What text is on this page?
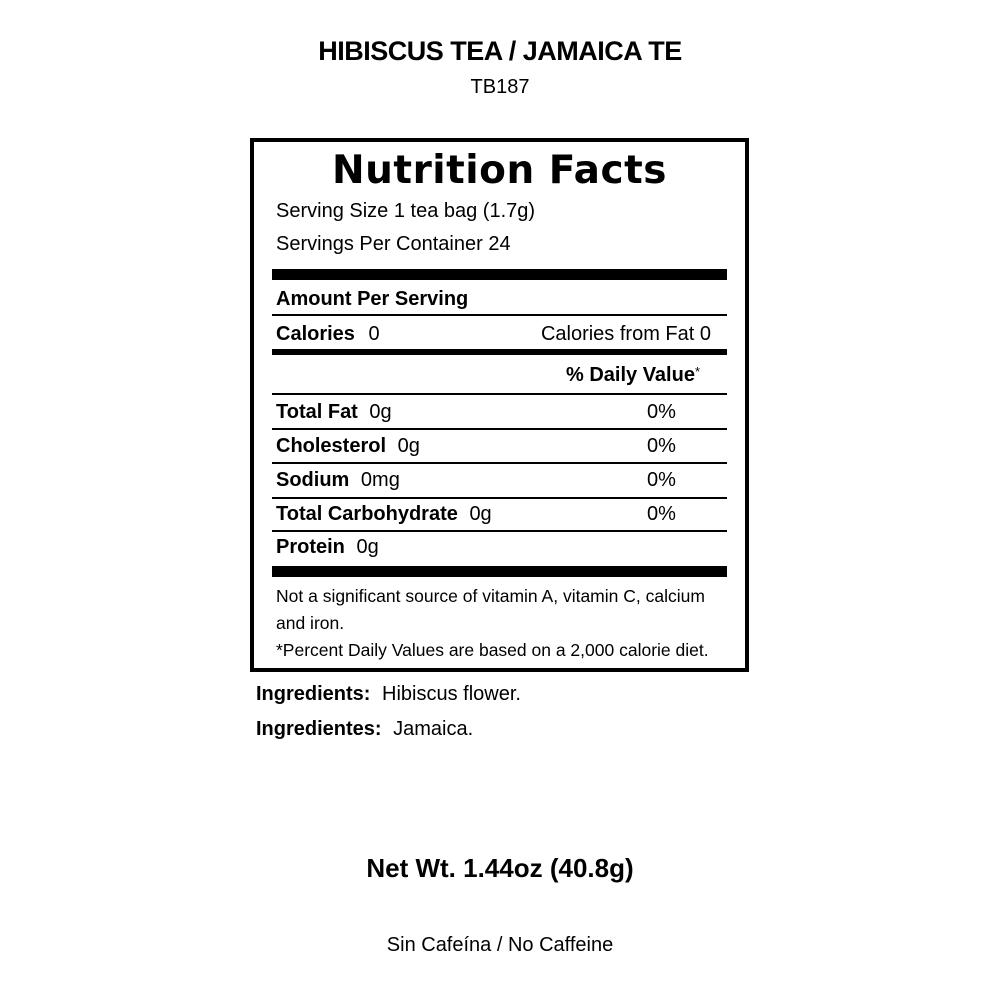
HIBISCUS TEA / JAMAICA TE
TB187
Nutrition Facts
Serving Size 1 tea bag (1.7g)
Servings Per Container 24
Amount Per Serving
Calories 0	Calories from Fat 0
% Daily Value*
Total Fat 0g	0%
Cholesterol 0g	0%
Sodium 0mg	0%
Total Carbohydrate 0g	0%
Protein 0g
Not a significant source of vitamin A, vitamin C, calcium
and iron.
*Percent Daily Values are based on a 2,000 calorie diet.
Ingredients: Hibiscus flower.
Ingredientes: Jamaica.
Net Wt. 1.44oz (40.8g)
Sin Cafeína / No Caffeine
